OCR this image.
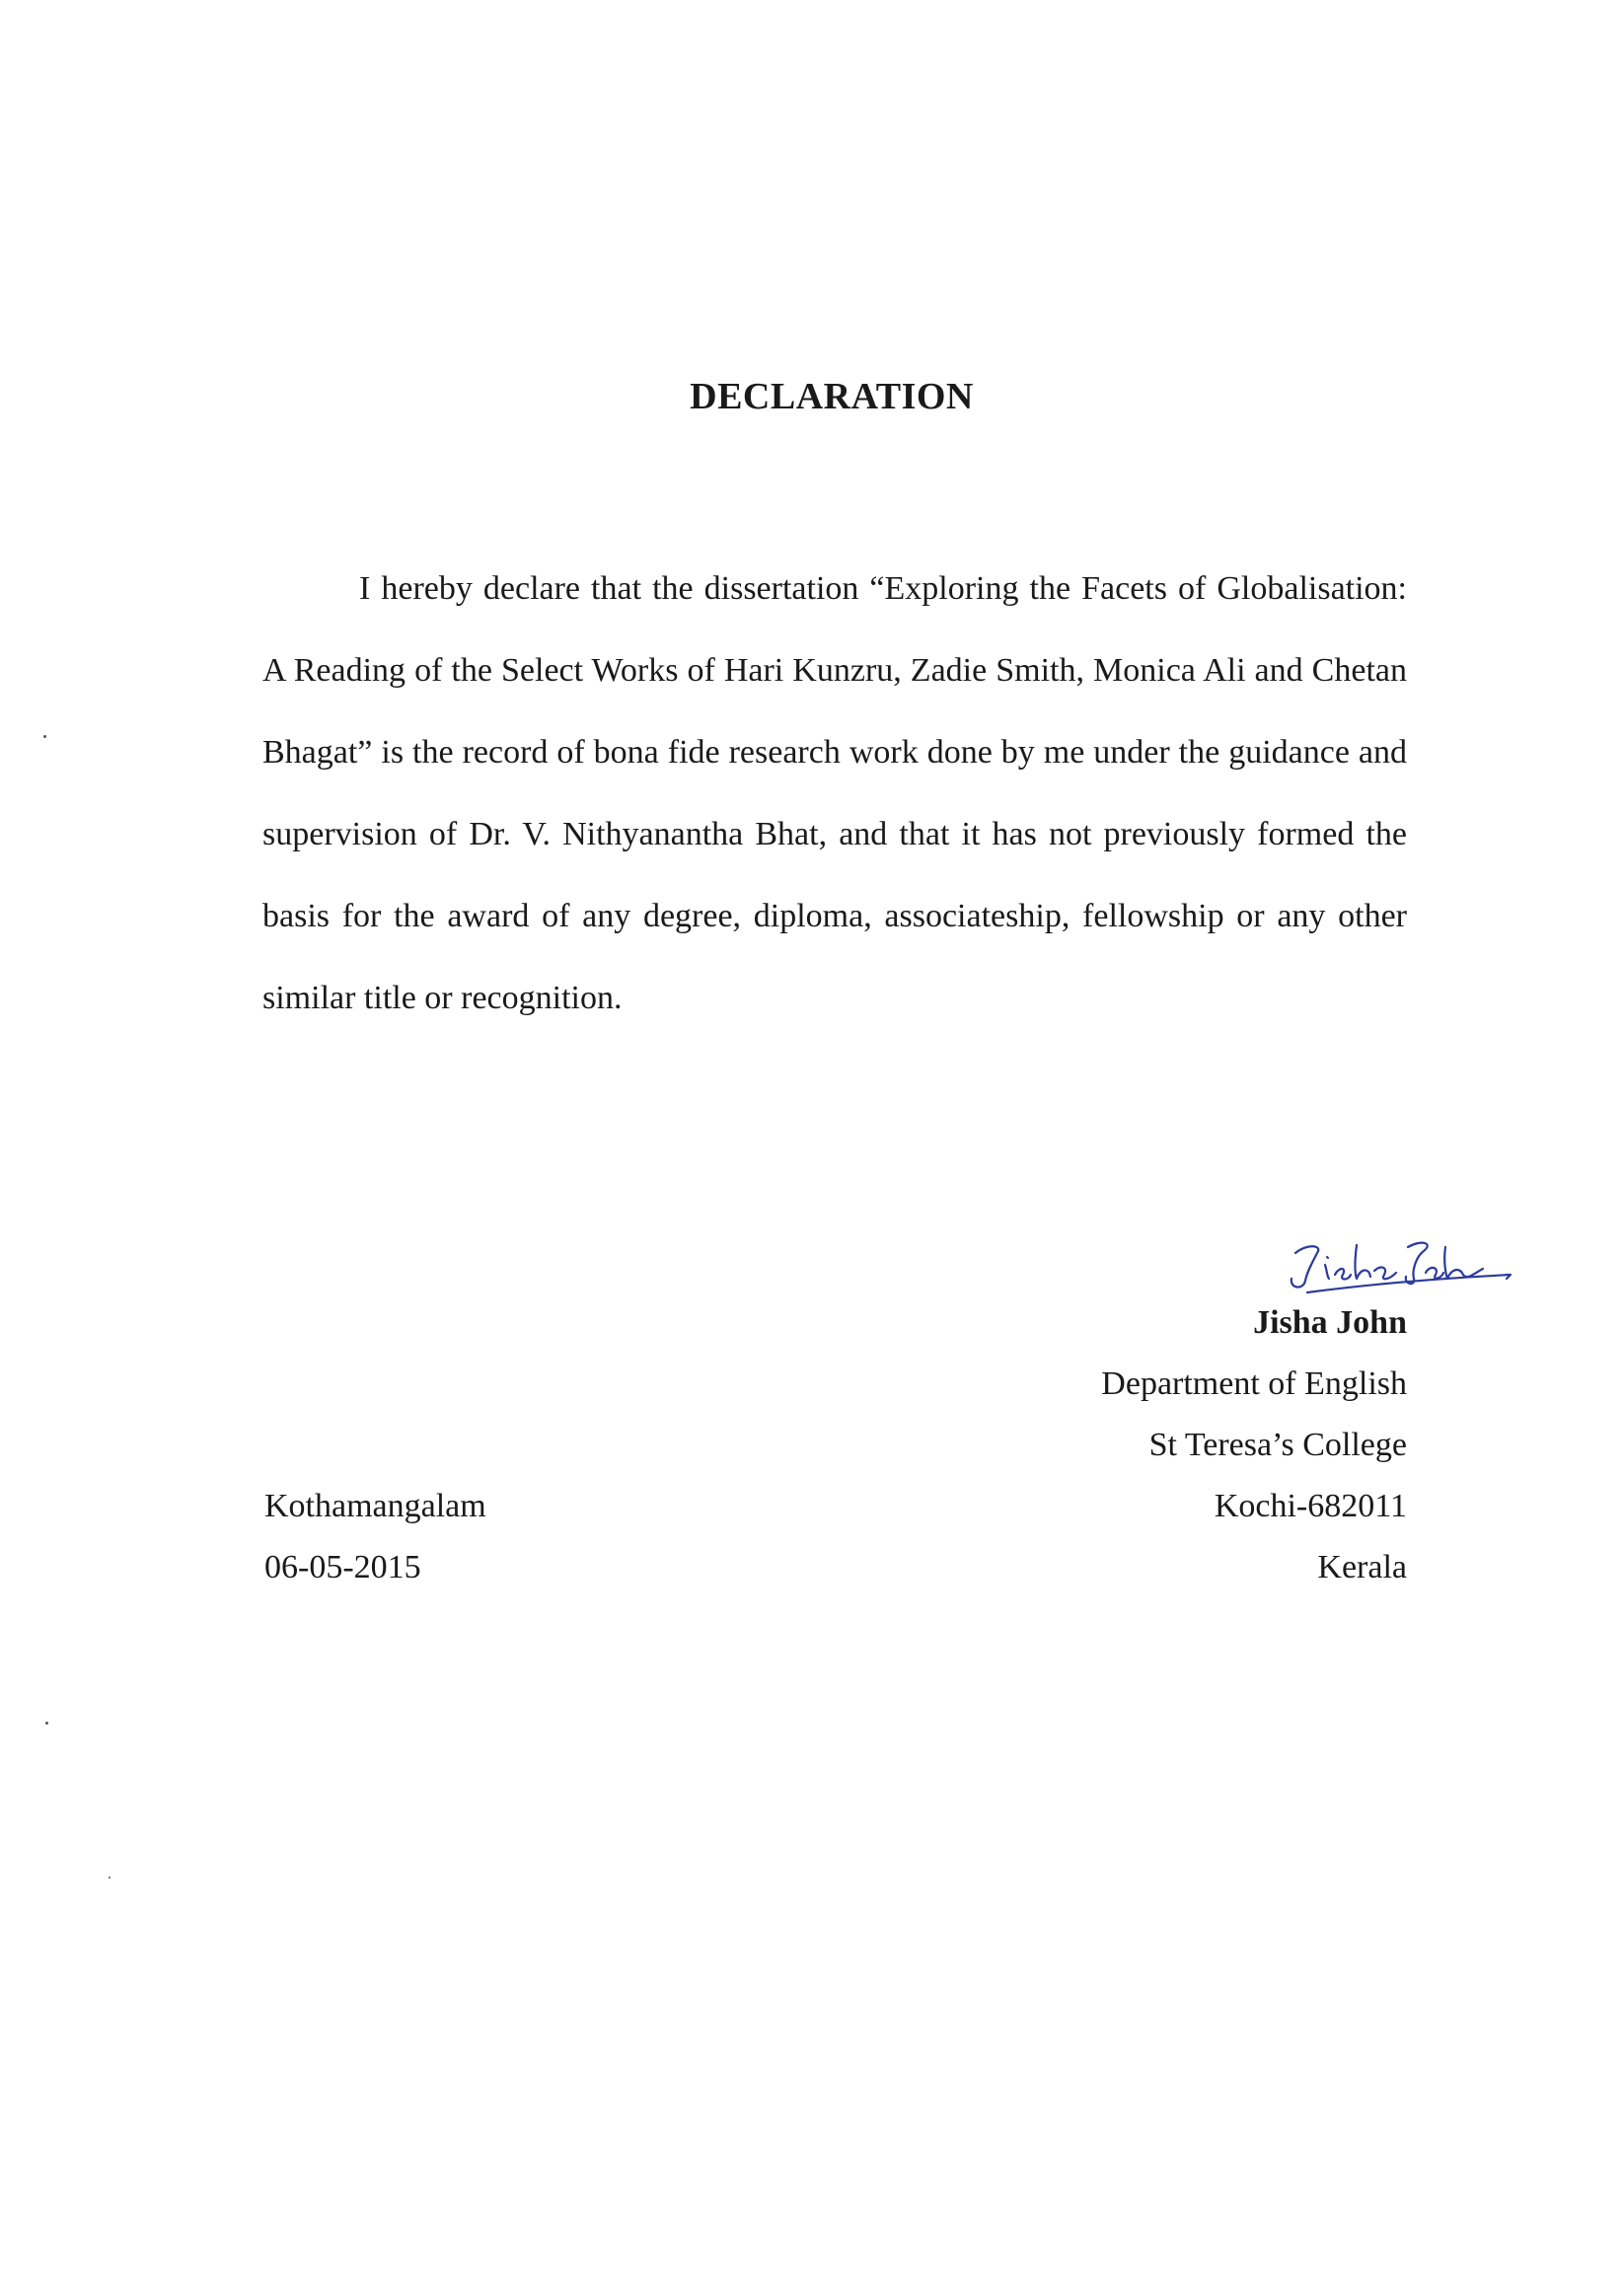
DECLARATION

I hereby declare that the dissertation “Exploring the Facets of Globalisation: A Reading of the Select Works of Hari Kunzru, Zadie Smith, Monica Ali and Chetan Bhagat” is the record of bona fide research work done by me under the guidance and supervision of Dr. V. Nithyanantha Bhat, and that it has not previously formed the basis for the award of any degree, diploma, associateship, fellowship or any other similar title or recognition.

Jisha John
Department of English
St Teresa’s College
Kochi-682011
Kerala
Kothamangalam
06-05-2015
